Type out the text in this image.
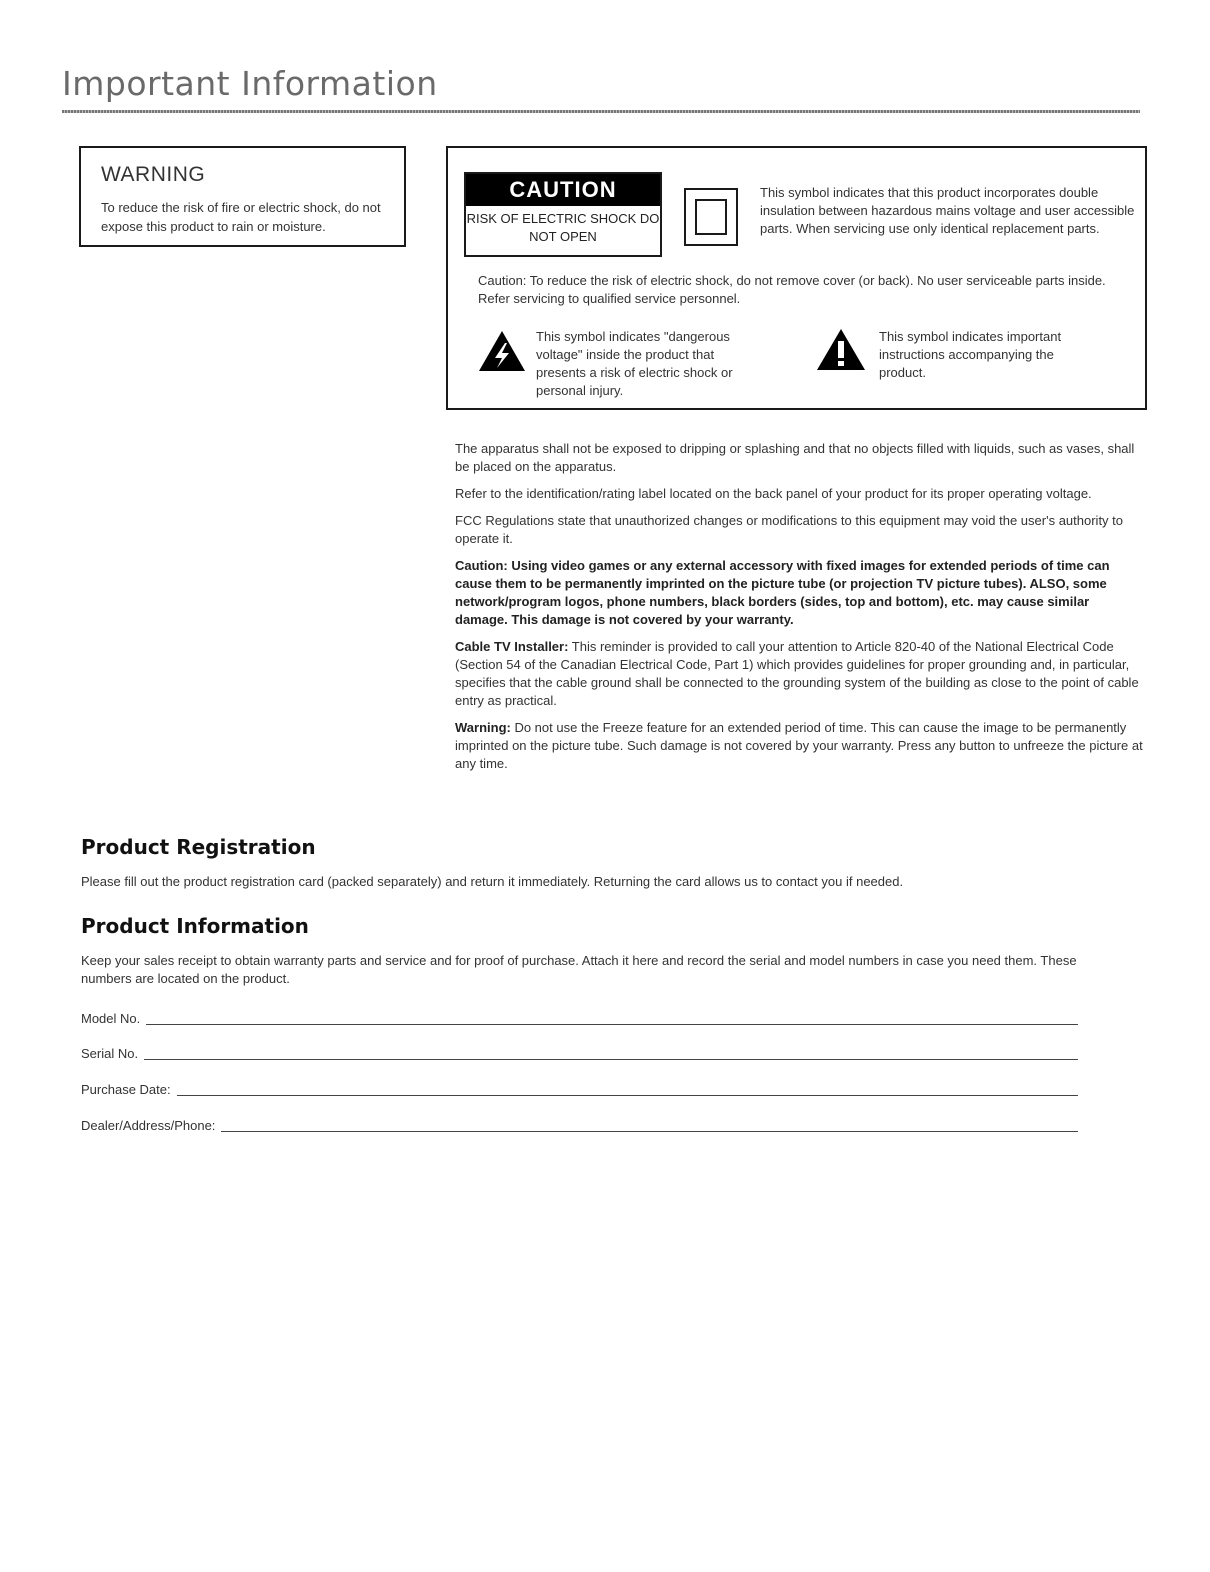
Important Information

WARNING

To reduce the risk of fire or electric shock, do not expose this product to rain or moisture.

CAUTION
RISK OF ELECTRIC SHOCK DO
NOT OPEN

This symbol indicates that this product incorporates double insulation between hazardous mains voltage and user accessible parts. When servicing use only identical replacement parts.

Caution: To reduce the risk of electric shock, do not remove cover (or back). No user serviceable parts inside. Refer servicing to qualified service personnel.

This symbol indicates "dangerous voltage" inside the product that presents a risk of electric shock or personal injury.

This symbol indicates important instructions accompanying the product.

The apparatus shall not be exposed to dripping or splashing and that no objects filled with liquids, such as vases, shall be placed on the apparatus.

Refer to the identification/rating label located on the back panel of your product for its proper operating voltage.

FCC Regulations state that unauthorized changes or modifications to this equipment may void the user's authority to operate it.

Caution: Using video games or any external accessory with fixed images for extended periods of time can cause them to be permanently imprinted on the picture tube (or projection TV picture tubes). ALSO, some network/program logos, phone numbers, black borders (sides, top and bottom), etc. may cause similar damage. This damage is not covered by your warranty.

Cable TV Installer: This reminder is provided to call your attention to Article 820-40 of the National Electrical Code (Section 54 of the Canadian Electrical Code, Part 1) which provides guidelines for proper grounding and, in particular, specifies that the cable ground shall be connected to the grounding system of the building as close to the point of cable entry as practical.

Warning: Do not use the Freeze feature for an extended period of time. This can cause the image to be permanently imprinted on the picture tube. Such damage is not covered by your warranty. Press any button to unfreeze the picture at any time.

Product Registration

Please fill out the product registration card (packed separately) and return it immediately. Returning the card allows us to contact you if needed.

Product Information

Keep your sales receipt to obtain warranty parts and service and for proof of purchase. Attach it here and record the serial and model numbers in case you need them. These numbers are located on the product.

Model No.
Serial No.
Purchase Date:
Dealer/Address/Phone:
